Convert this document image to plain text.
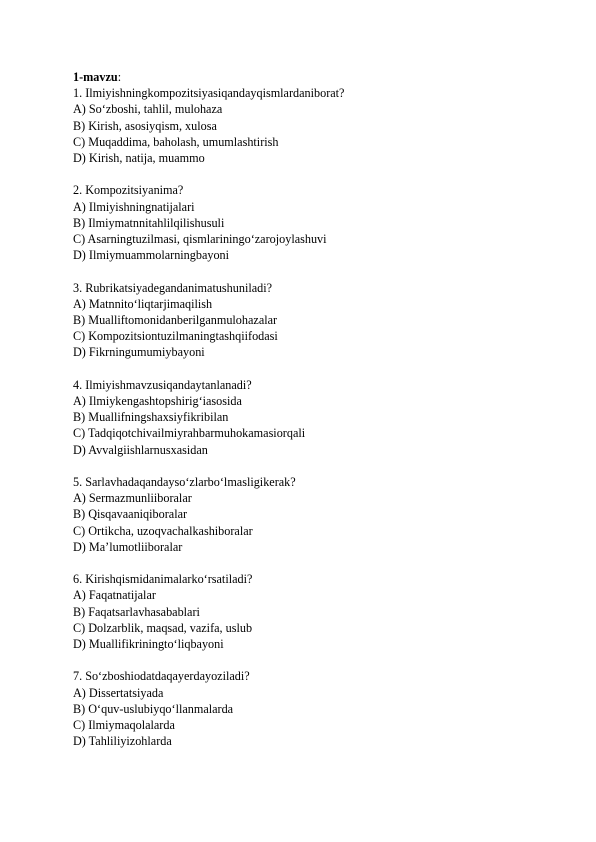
1-mavzu:
1. Ilmiyishningkompozitsiyasiqandayqismlardaniborat?
A) So‘zboshi, tahlil, mulohaza
B) Kirish, asosiyqism, xulosa
C) Muqaddima, baholash, umumlashtirish
D) Kirish, natija, muammo
2. Kompozitsiyanima?
A) Ilmiyishningnatijalari
B) Ilmiymatnnitahlilqilishusuli
C) Asarningtuzilmasi, qismlariningo‘zarojoylashuvi
D) Ilmiymuammolarningbayoni
3. Rubrikatsiyadegandanimatushuniladi?
A) Matnnito‘liqtarjimaqilish
B) Mualliftomonidanberilganmulohazalar
C) Kompozitsiontuzilmaningtashqiifodasi
D) Fikrningumumiybayoni
4. Ilmiyishmavzusiqandaytanlanadi?
A) Ilmiykengashtopshirig‘iasosida
B) Muallifningshaxsiyfikribilan
C) Tadqiqotchivailmiyrahbarmuhokamasiorqali
D) Avvalgiishlarnusxasidan
5. Sarlavhadaqandayso‘zlarbo‘lmasligikerak?
A) Sermazmunliiboralar
B) Qisqavaaniqiboralar
C) Ortikcha, uzoqvachalkashiboralar
D) Ma’lumotliiboralar
6. Kirishqismidanimalarko‘rsatiladi?
A) Faqatnatijalar
B) Faqatsarlavhasabablari
C) Dolzarblik, maqsad, vazifa, uslub
D) Muallifikriningto‘liqbayoni
7. So‘zboshiodatdaqayerdayoziladi?
A) Dissertatsiyada
B) O‘quv-uslubiyqo‘llanmalarda
C) Ilmiymaqolalarda
D) Tahliliyizohlarda
